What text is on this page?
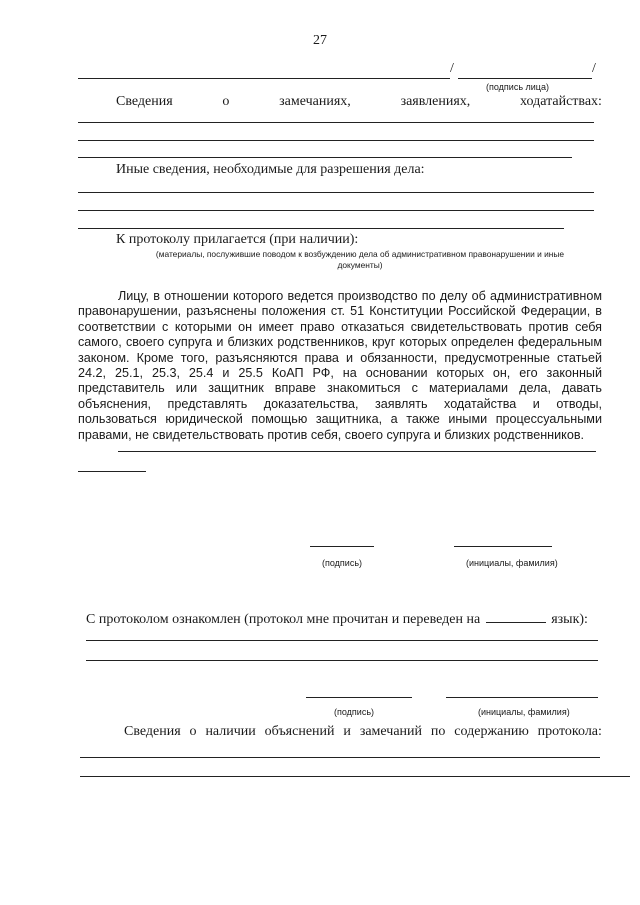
27
/	/
(подпись лица)
Сведения	о	замечаниях,	заявлениях,	ходатайствах:
Иные сведения, необходимые для разрешения дела:
К протоколу прилагается (при наличии):
(материалы, послужившие поводом к возбуждению дела об административном правонарушении и иные
документы)
Лицу, в отношении которого ведется производство по делу об административном правонарушении, разъяснены положения ст. 51 Конституции Российской Федерации, в соответствии с которыми он имеет право отказаться свидетельствовать против себя самого, своего супруга и близких родственников, круг которых определен федеральным законом. Кроме того, разъясняются права и обязанности, предусмотренные статьей 24.2, 25.1, 25.3, 25.4 и 25.5 КоАП РФ, на основании которых он, его законный представитель или защитник вправе знакомиться с материалами дела, давать объяснения, представлять доказательства, заявлять ходатайства и отводы, пользоваться юридической помощью защитника, а также иными процессуальными правами, не свидетельствовать против себя, своего супруга и близких родственников.
(подпись)	(инициалы, фамилия)
С протоколом ознакомлен (протокол мне прочитан и переведен на	язык):
(подпись)	(инициалы, фамилия)
Сведения о наличии объяснений и замечаний по содержанию протокола:
